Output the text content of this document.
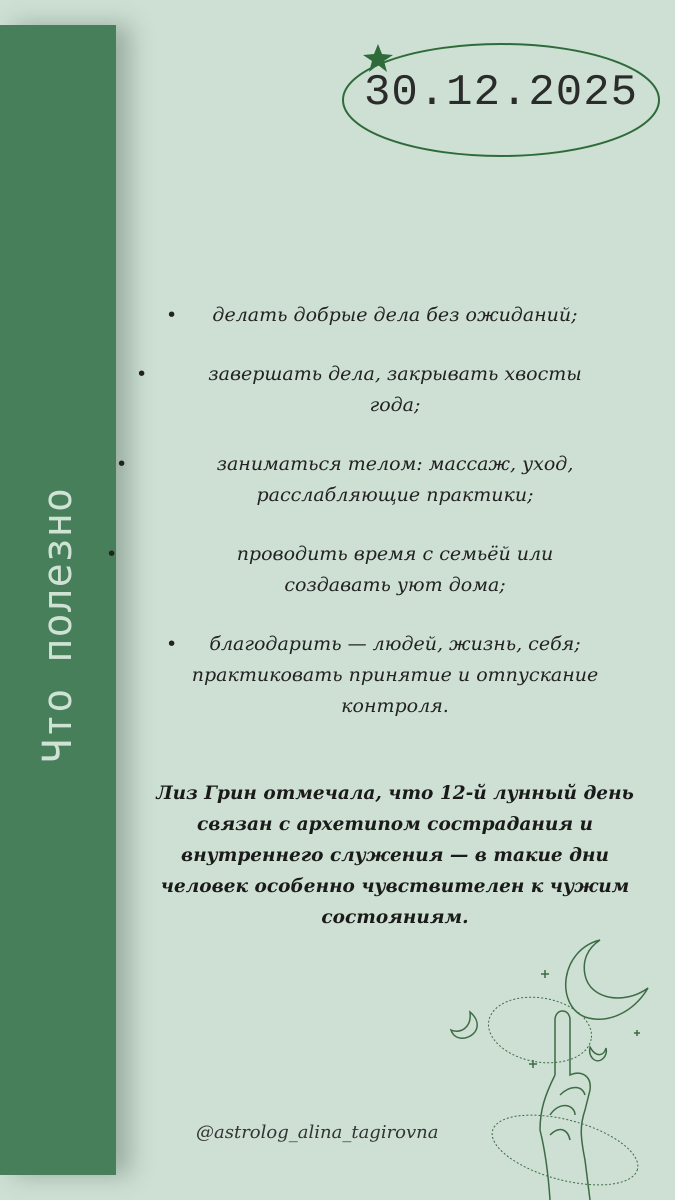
Что полезно
30.12.2025
• делать добрые дела без ожиданий;
•	завершать дела, закрывать хвосты года;
•	заниматься телом: массаж, уход, расслабляющие практики;
•	проводить время с семьёй или создавать уют дома;
• благодарить — людей, жизнь, себя; практиковать принятие и отпускание контроля.
Лиз Грин отмечала, что 12-й лунный день связан с архетипом сострадания и внутреннего служения — в такие дни человек особенно чувствителен к чужим состояниям.
@astrolog_alina_tagirovna
